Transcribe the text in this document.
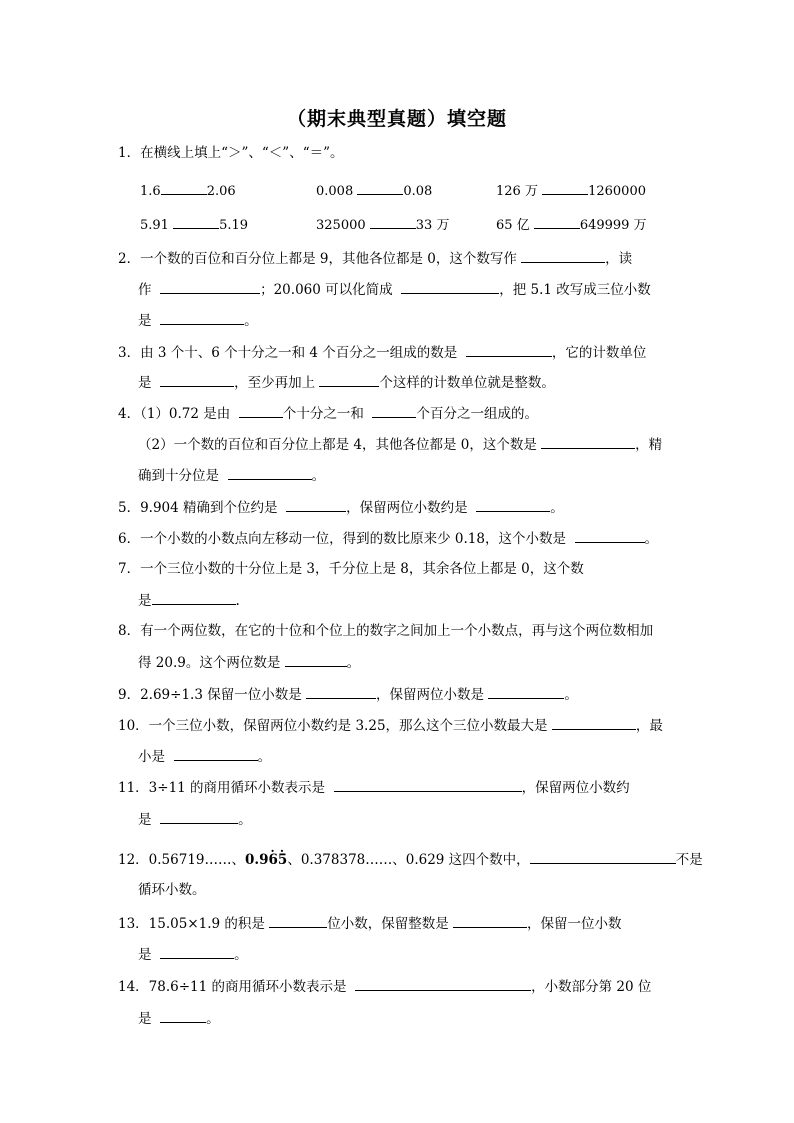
（期末典型真题）填空题
1．在横线上填上“＞”、“＜”、“＝”。
1.6	2.06	0.008	0.08	126 万	1260000
5.91	5.19	325000	33 万	65 亿	649999 万
2．一个数的百位和百分位上都是 9，其他各位都是 0，这个数写作	，读
作	；20.060 可以化简成	，把 5.1 改写成三位小数
是	。
3．由 3 个十、6 个十分之一和 4 个百分之一组成的数是	，它的计数单位
是	，至少再加上	个这样的计数单位就是整数。
4．（1）0.72 是由	个十分之一和	个百分之一组成的。
（2）一个数的百位和百分位上都是 4，其他各位都是 0，这个数是	，精
确到十分位是	。
5．9.904 精确到个位约是	，保留两位小数约是	。
6．一个小数的小数点向左移动一位，得到的数比原来少 0.18，这个小数是	。
7．一个三位小数的十分位上是 3，千分位上是 8，其余各位上都是 0，这个数
是	.
8．有一个两位数，在它的十位和个位上的数字之间加上一个小数点，再与这个两位数相加
得 20.9。这个两位数是	。
9．2.69÷1.3 保留一位小数是	，保留两位小数是	。
10．一个三位小数，保留两位小数约是 3.25，那么这个三位小数最大是	，最
小是	。
11．3÷11 的商用循环小数表示是	，保留两位小数约
是	。
12．0.56719……、0.96 ·5 ·、0.378378……、0.629 这四个数中，	不是
循环小数。
13．15.05×1.9 的积是	位小数，保留整数是	，保留一位小数
是	。
14．78.6÷11 的商用循环小数表示是	，小数部分第 20 位
是	。
